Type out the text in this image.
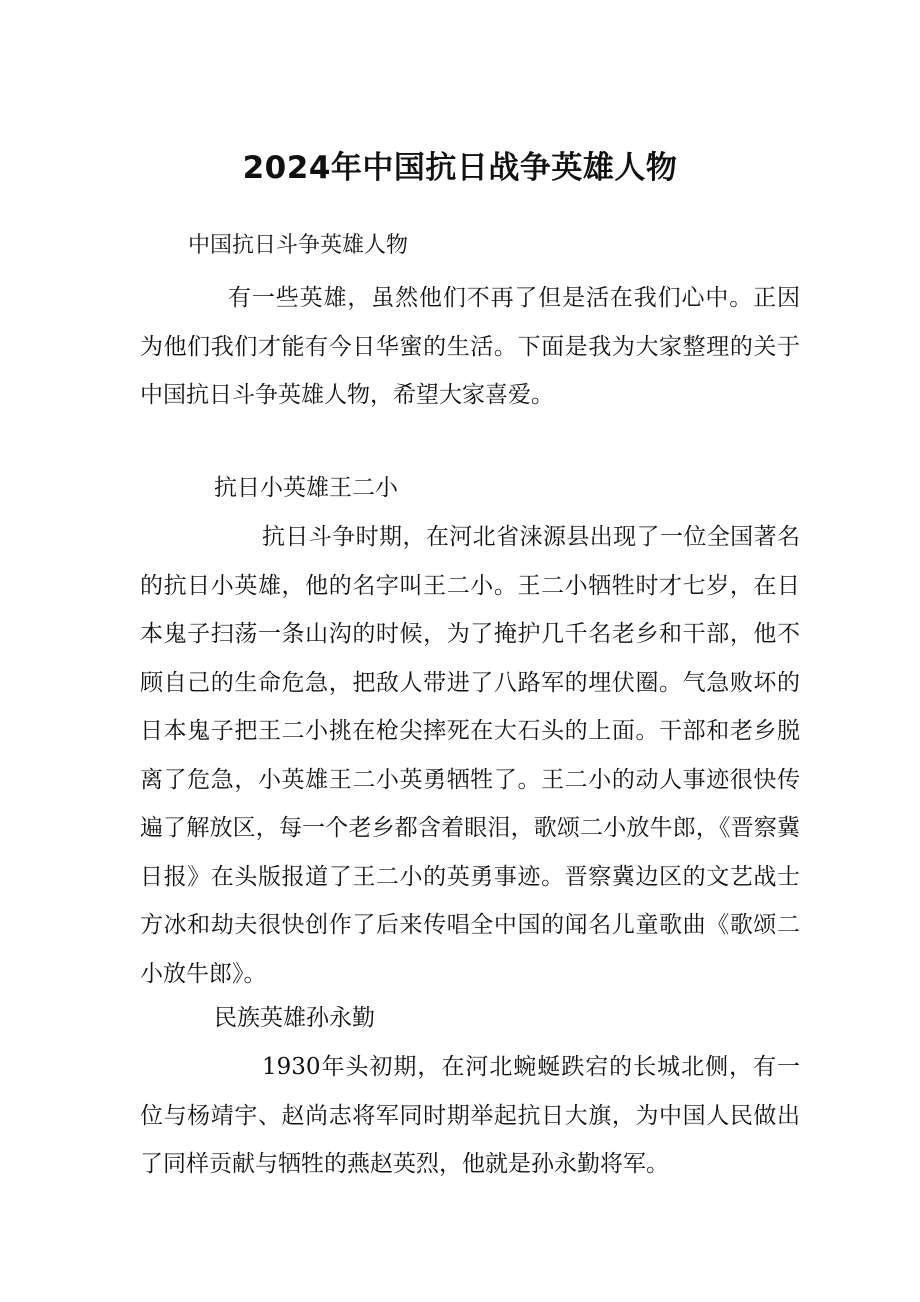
2024年中国抗日战争英雄人物

中国抗日斗争英雄人物

有一些英雄，虽然他们不再了但是活在我们心中。正因为他们我们才能有今日华蜜的生活。下面是我为大家整理的关于中国抗日斗争英雄人物，希望大家喜爱。

抗日小英雄王二小

抗日斗争时期，在河北省涞源县出现了一位全国著名的抗日小英雄，他的名字叫王二小。王二小牺牲时才七岁，在日本鬼子扫荡一条山沟的时候，为了掩护几千名老乡和干部，他不顾自己的生命危急，把敌人带进了八路军的埋伏圈。气急败坏的日本鬼子把王二小挑在枪尖摔死在大石头的上面。干部和老乡脱离了危急，小英雄王二小英勇牺牲了。王二小的动人事迹很快传遍了解放区，每一个老乡都含着眼泪，歌颂二小放牛郎，《晋察冀日报》在头版报道了王二小的英勇事迹。晋察冀边区的文艺战士方冰和劫夫很快创作了后来传唱全中国的闻名儿童歌曲《歌颂二小放牛郎》。

民族英雄孙永勤

1930年头初期，在河北蜿蜒跌宕的长城北侧，有一位与杨靖宇、赵尚志将军同时期举起抗日大旗，为中国人民做出了同样贡献与牺牲的燕赵英烈，他就是孙永勤将军。
